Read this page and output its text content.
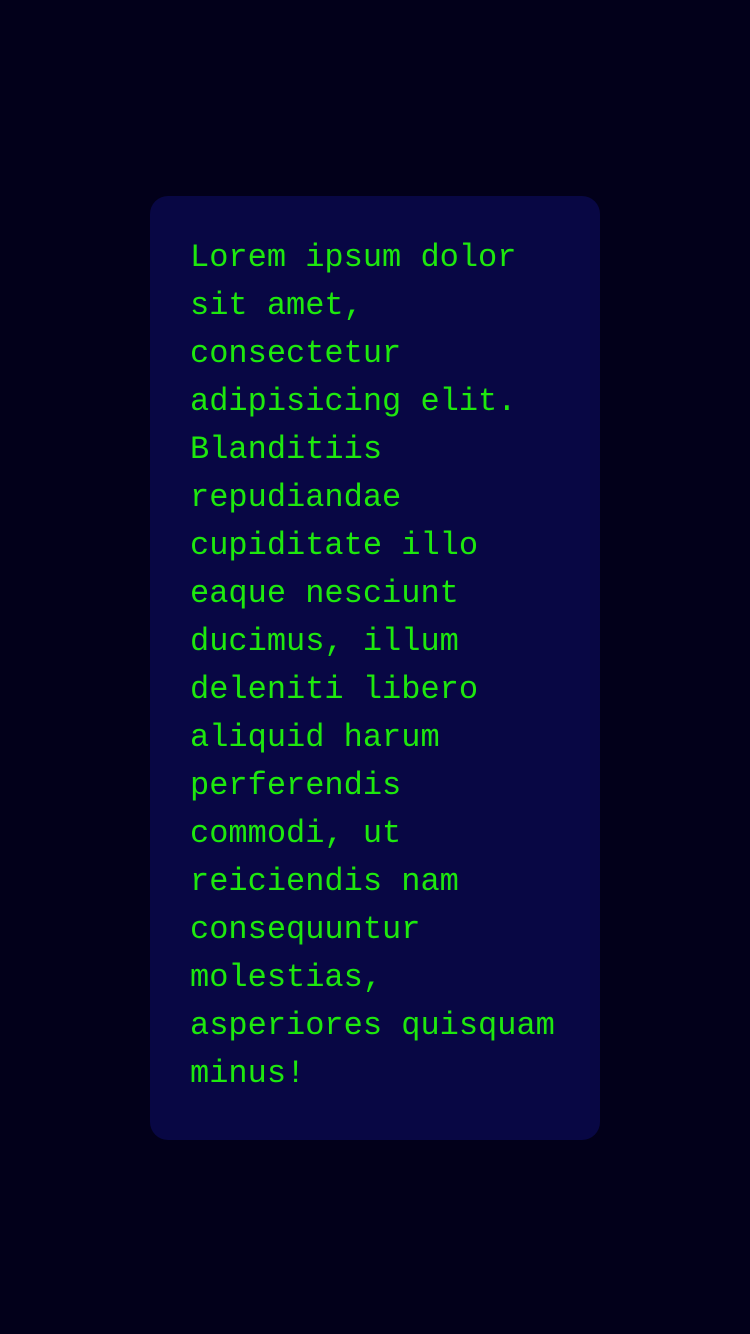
Lorem ipsum dolor
sit amet,
consectetur
adipisicing elit.
Blanditiis
repudiandae
cupiditate illo
eaque nesciunt
ducimus, illum
deleniti libero
aliquid harum
perferendis
commodi, ut
reiciendis nam
consequuntur
molestias,
asperiores quisquam
minus!
